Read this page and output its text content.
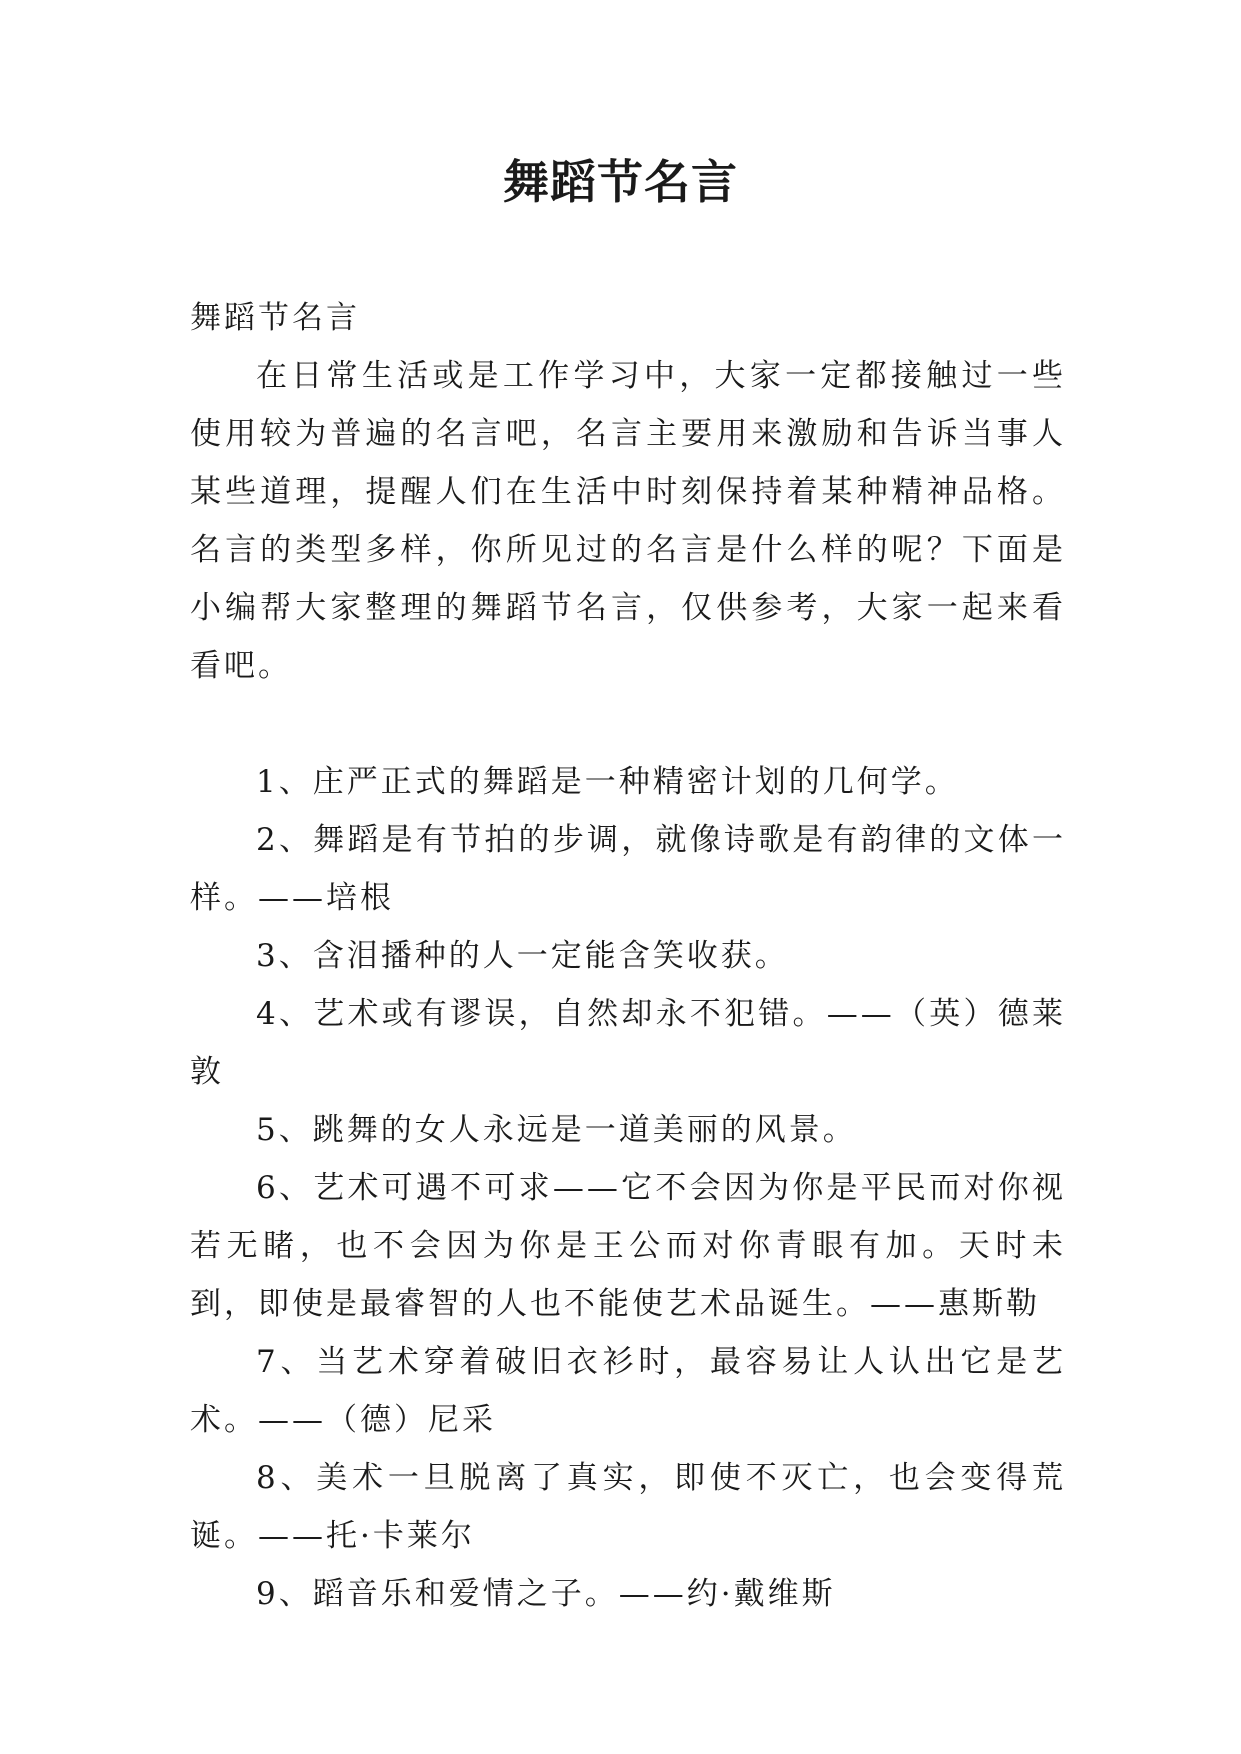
舞蹈节名言

舞蹈节名言

在日常生活或是工作学习中，大家一定都接触过一些使用较为普遍的名言吧，名言主要用来激励和告诉当事人某些道理，提醒人们在生活中时刻保持着某种精神品格。名言的类型多样，你所见过的名言是什么样的呢？下面是小编帮大家整理的舞蹈节名言，仅供参考，大家一起来看看吧。

1、庄严正式的舞蹈是一种精密计划的几何学。

2、舞蹈是有节拍的步调，就像诗歌是有韵律的文体一样。——培根

3、含泪播种的人一定能含笑收获。

4、艺术或有谬误，自然却永不犯错。——（英）德莱敦

5、跳舞的女人永远是一道美丽的风景。

6、艺术可遇不可求——它不会因为你是平民而对你视若无睹，也不会因为你是王公而对你青眼有加。天时未到，即使是最睿智的人也不能使艺术品诞生。——惠斯勒

7、当艺术穿着破旧衣衫时，最容易让人认出它是艺术。——（德）尼采

8、美术一旦脱离了真实，即使不灭亡，也会变得荒诞。——托·卡莱尔

9、蹈音乐和爱情之子。——约·戴维斯
